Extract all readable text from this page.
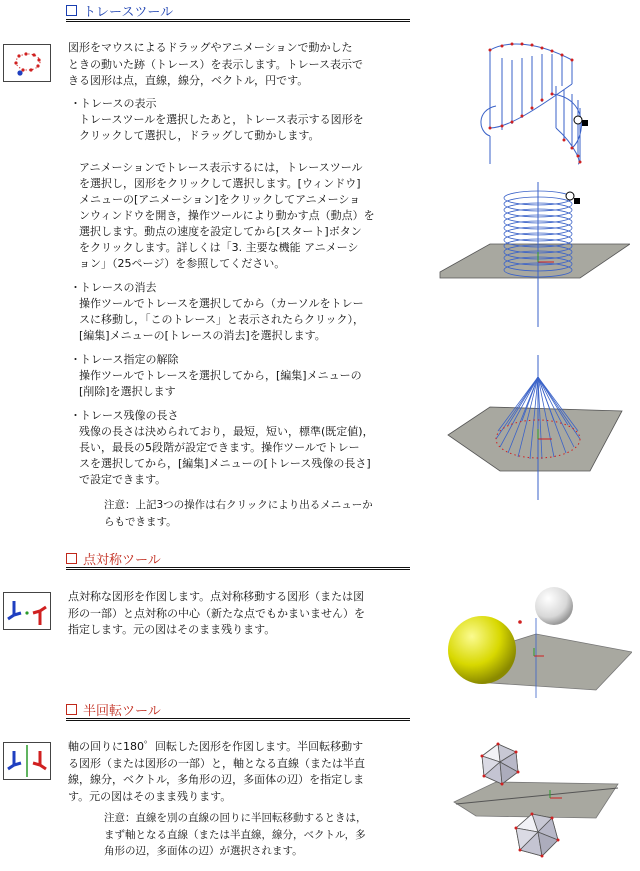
トレースツール
図形をマウスによるドラッグやアニメーションで動かした
ときの動いた跡（トレース）を表示します。トレース表示で
きる図形は点，直線，線分，ベクトル，円です。
・ トレースの表示
トレースツールを選択したあと，トレース表示する図形を
クリックして選択し，ドラッグして動かします。

アニメーションでトレース表示するには，トレースツール
を選択し，図形をクリックして選択します。[ウィンドウ]
メニューの[アニメーション]をクリックしてアニメーショ
ンウィンドウを開き，操作ツールにより動かす点（動点）を
選択します。動点の速度を設定してから[スタート]ボタン
をクリックします。詳しくは「3. 主要な機能 アニメーシ
ョン」（25ページ）を参照してください。
・ トレースの消去
操作ツールでトレースを選択してから（カーソルをトレー
スに移動し，「このトレース」と表示されたらクリック），
[編集]メニューの[トレースの消去]を選択します。
・ トレース指定の解除
操作ツールでトレースを選択してから，[編集]メニューの
[削除]を選択します
・ トレース残像の長さ
残像の長さは決められており，最短，短い，標準(既定値)，
長い，最長の5段階が設定できます。操作ツールでトレー
スを選択してから，[編集]メニューの[トレース残像の長さ]
で設定できます。
注意：上記3つの操作は右クリックにより出るメニューか
らもできます。
点対称ツール
点対称な図形を作図します。点対称移動する図形（または図
形の一部）と点対称の中心（新たな点でもかまいません）を
指定します。元の図はそのまま残ります。
半回転ツール
軸の回りに180゜回転した図形を作図します。半回転移動す
る図形（または図形の一部）と，軸となる直線（または半直
線，線分，ベクトル，多角形の辺，多面体の辺）を指定しま
す。元の図はそのまま残ります。
注意：直線を別の直線の回りに半回転移動するときは，
まず軸となる直線（または半直線，線分，ベクトル，多
角形の辺，多面体の辺）が選択されます。
